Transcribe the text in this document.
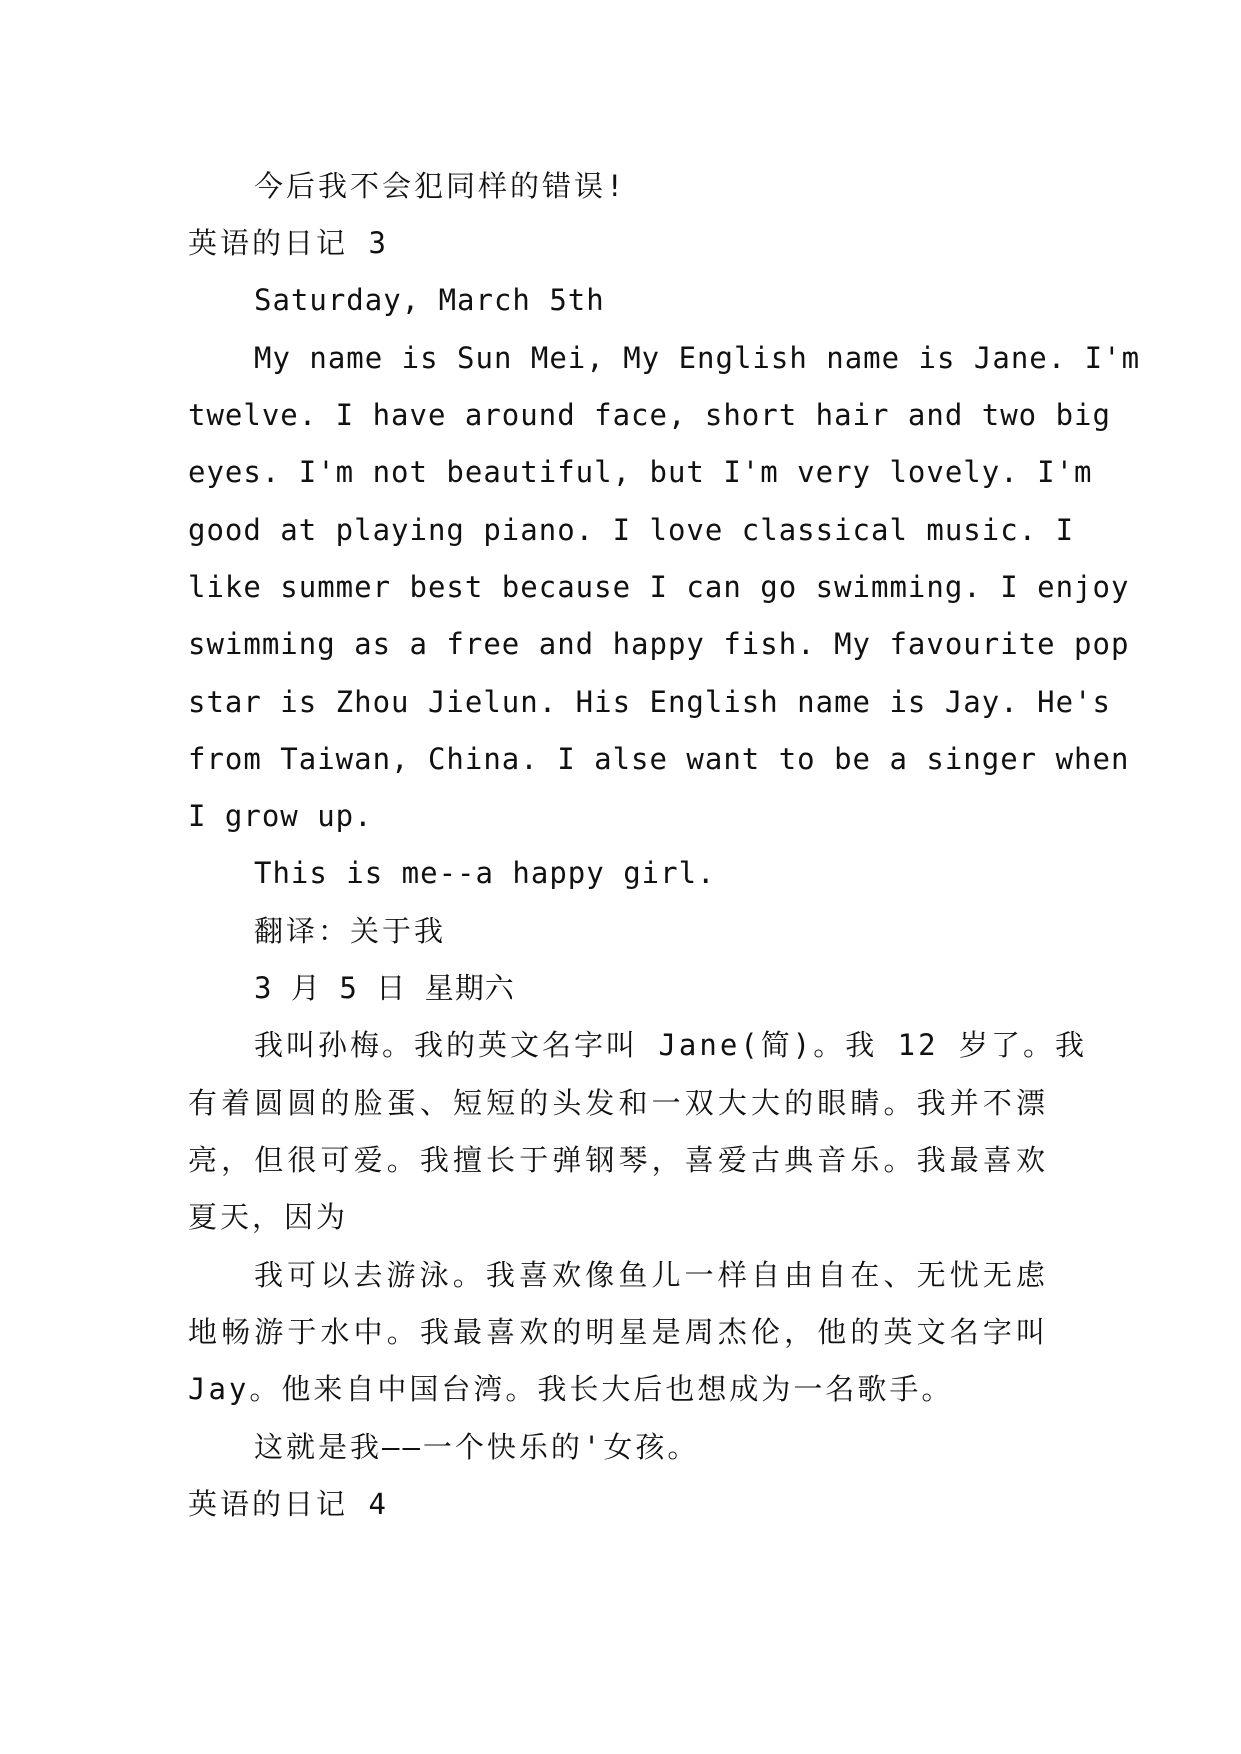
今后我不会犯同样的错误!
英语的日记 3
Saturday, March 5th
My name is Sun Mei, My English name is Jane. I'm
twelve. I have around face, short hair and two big
eyes. I'm not beautiful, but I'm very lovely. I'm
good at playing piano. I love classical music. I
like summer best because I can go swimming. I enjoy
swimming as a free and happy fish. My favourite pop
star is Zhou Jielun. His English name is Jay. He's
from Taiwan, China. I alse want to be a singer when
I grow up.
This is me--a happy girl.
翻译：关于我
3 月 5 日 星期六
我叫孙梅。我的英文名字叫 Jane(简)。我 12 岁了。我
有着圆圆的脸蛋、短短的头发和一双大大的眼睛。我并不漂
亮，但很可爱。我擅长于弹钢琴，喜爱古典音乐。我最喜欢
夏天，因为
我可以去游泳。我喜欢像鱼儿一样自由自在、无忧无虑
地畅游于水中。我最喜欢的明星是周杰伦，他的英文名字叫
Jay。他来自中国台湾。我长大后也想成为一名歌手。
这就是我——一个快乐的'女孩。
英语的日记 4
